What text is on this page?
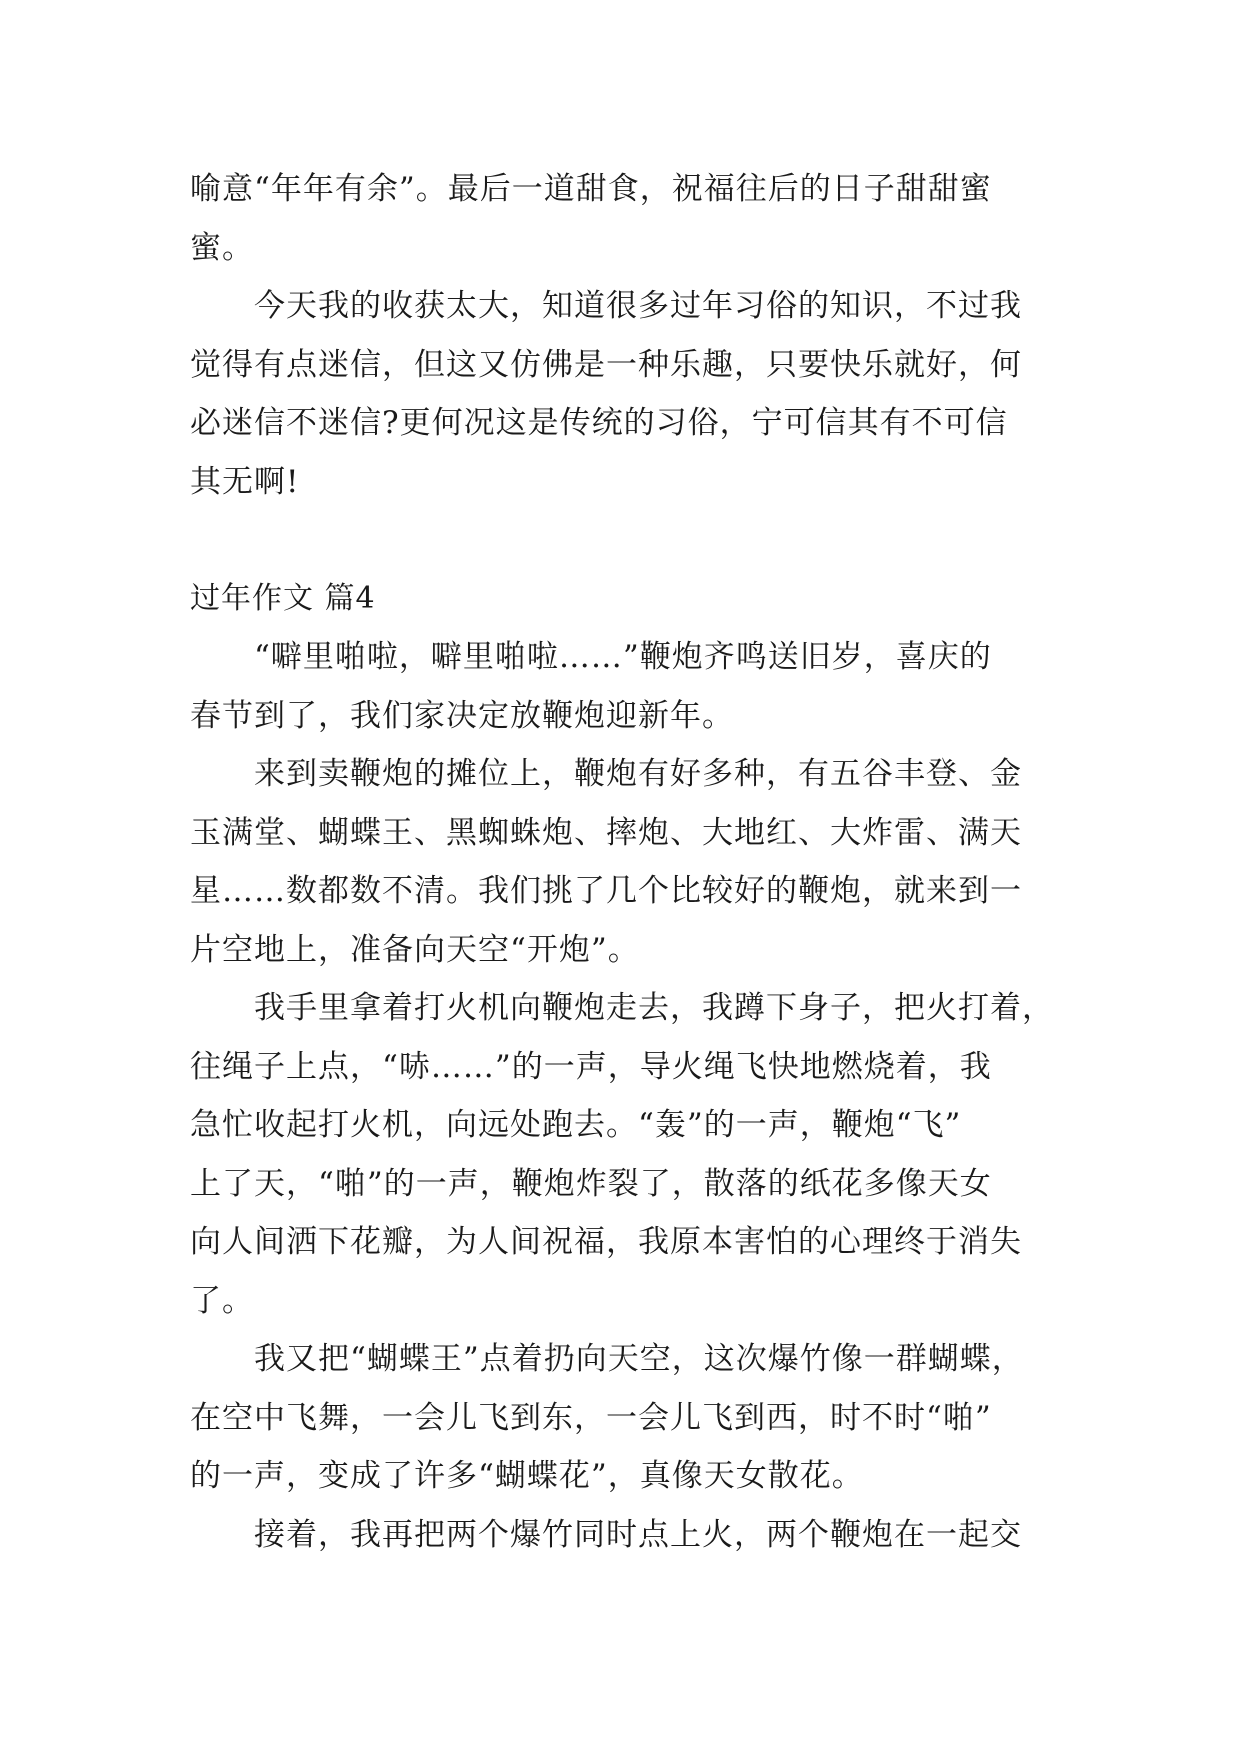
喻意“年年有余”。最后一道甜食，祝福往后的日子甜甜蜜
蜜。
今天我的收获太大，知道很多过年习俗的知识，不过我
觉得有点迷信，但这又仿佛是一种乐趣，只要快乐就好，何
必迷信不迷信?更何况这是传统的习俗，宁可信其有不可信
其无啊!
过年作文 篇4
“噼里啪啦，噼里啪啦……”鞭炮齐鸣送旧岁，喜庆的
春节到了，我们家决定放鞭炮迎新年。
来到卖鞭炮的摊位上，鞭炮有好多种，有五谷丰登、金
玉满堂、蝴蝶王、黑蜘蛛炮、摔炮、大地红、大炸雷、满天
星……数都数不清。我们挑了几个比较好的鞭炮，就来到一
片空地上，准备向天空“开炮”。
我手里拿着打火机向鞭炮走去，我蹲下身子，把火打着，
往绳子上点，“哧……”的一声，导火绳飞快地燃烧着，我
急忙收起打火机，向远处跑去。“轰”的一声，鞭炮“飞”
上了天，“啪”的一声，鞭炮炸裂了，散落的纸花多像天女
向人间洒下花瓣，为人间祝福，我原本害怕的心理终于消失
了。
我又把“蝴蝶王”点着扔向天空，这次爆竹像一群蝴蝶，
在空中飞舞，一会儿飞到东，一会儿飞到西，时不时“啪”
的一声，变成了许多“蝴蝶花”，真像天女散花。
接着，我再把两个爆竹同时点上火，两个鞭炮在一起交
